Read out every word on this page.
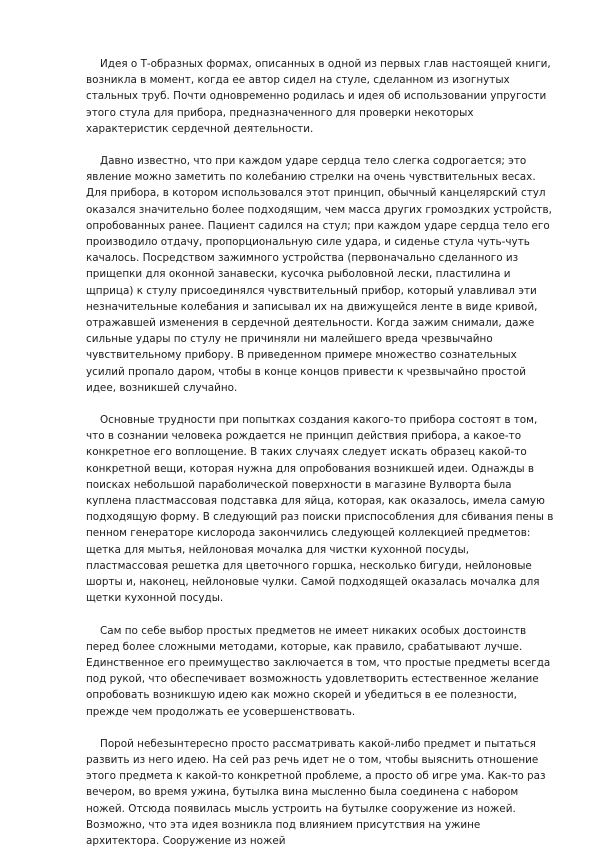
Идея о Т-образных формах, описанных в одной из первых глав настоящей книги, возникла в момент, когда ее автор сидел на стуле, сделанном из изогнутых стальных труб. Почти одновременно родилась и идея об использовании упругости этого стула для прибора, предназначенного для проверки некоторых характеристик сердечной деятельности.

Давно известно, что при каждом ударе сердца тело слегка содрогается; это явление можно заметить по колебанию стрелки на очень чувствительных весах. Для прибора, в котором использовался этот принцип, обычный канцелярский стул оказался значительно более подходящим, чем масса других громоздких устройств, опробованных ранее. Пациент садился на стул; при каждом ударе сердца тело его производило отдачу, пропорциональную силе удара, и сиденье стула чуть-чуть качалось. Посредством зажимного устройства (первоначально сделанного из прищепки для оконной занавески, кусочка рыболовной лески, пластилина и щприца) к стулу присоединялся чувствительный прибор, который улавливал эти незначительные колебания и записывал их на движущейся ленте в виде кривой, отражавшей изменения в сердечной деятельности. Когда зажим снимали, даже сильные удары по стулу не причиняли ни малейшего вреда чрезвычайно чувствительному прибору. В приведенном примере множество сознательных усилий пропало даром, чтобы в конце концов привести к чрезвычайно простой идее, возникшей случайно.

Основные трудности при попытках создания какого-то прибора состоят в том, что в сознании человека рождается не принцип действия прибора, а какое-то конкретное его воплощение. В таких случаях следует искать образец какой-то конкретной вещи, которая нужна для опробования возникшей идеи. Однажды в поисках небольшой параболической поверхности в магазине Вулворта была куплена пластмассовая подставка для яйца, которая, как оказалось, имела самую подходящую форму. В следующий раз поиски приспособления для сбивания пены в пенном генераторе кислорода закончились следующей коллекцией предметов: щетка для мытья, нейлоновая мочалка для чистки кухонной посуды, пластмассовая решетка для цветочного горшка, несколько бигуди, нейлоновые шорты и, наконец, нейлоновые чулки. Самой подходящей оказалась мочалка для щетки кухонной посуды.

Сам по себе выбор простых предметов не имеет никаких особых достоинств перед более сложными методами, которые, как правило, срабатывают лучше. Единственное его преимущество заключается в том, что простые предметы всегда под рукой, что обеспечивает возможность удовлетворить естественное желание опробовать возникшую идею как можно скорей и убедиться в ее полезности, прежде чем продолжать ее усовершенствовать.

Порой небезынтересно просто рассматривать какой-либо предмет и пытаться развить из него идею. На сей раз речь идет не о том, чтобы выяснить отношение этого предмета к какой-то конкретной проблеме, а просто об игре ума. Как-то раз вечером, во время ужина, бутылка вина мысленно была соединена с набором ножей. Отсюда появилась мысль устроить на бутылке сооружение из ножей. Возможно, что эта идея возникла под влиянием присутствия на ужине архитектора. Сооружение из ножей
